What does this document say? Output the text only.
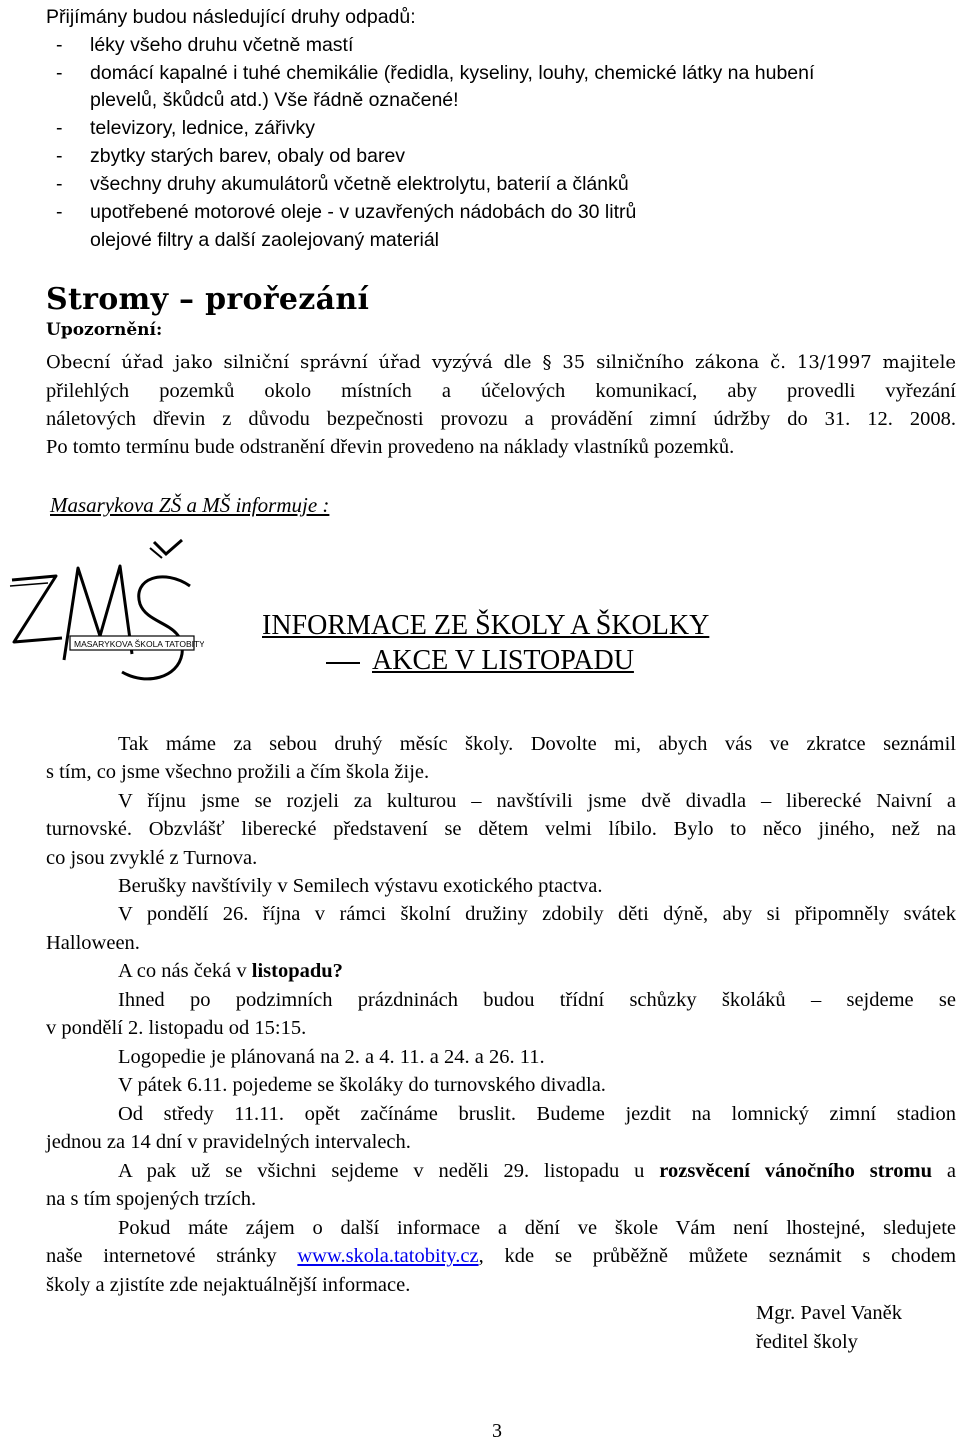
Přijímány budou následující druhy odpadů:
- léky všeho druhu včetně mastí
- domácí kapalné i tuhé chemikálie (ředidla, kyseliny, louhy, chemické látky na hubení
plevelů, škůdců atd.) Vše řádně označené!
- televizory, lednice, zářivky
- zbytky starých barev, obaly od barev
- všechny druhy akumulátorů včetně elektrolytu, baterií a článků
- upotřebené motorové oleje - v uzavřených nádobách do 30 litrů
olejové filtry a další zaolejovaný materiál
Stromy – prořezání
Upozornění:
Obecní úřad jako silniční správní úřad vyzývá dle § 35 silničního zákona č. 13/1997 majitele
přilehlých pozemků okolo místních a účelových komunikací, aby provedli vyřezání
náletových dřevin z důvodu bezpečnosti provozu a provádění zimní údržby do 31. 12. 2008.
Po tomto termínu bude odstranění dřevin provedeno na náklady vlastníků pozemků.
Masarykova ZŠ a MŠ informuje :
MASARYKOVA ŠKOLA TATOBITY
INFORMACE ZE ŠKOLY A ŠKOLKY
AKCE V LISTOPADU
Tak máme za sebou druhý měsíc školy. Dovolte mi, abych vás ve zkratce seznámil
s tím, co jsme všechno prožili a čím škola žije.
V říjnu jsme se rozjeli za kulturou – navštívili jsme dvě divadla – liberecké Naivní a
turnovské. Obzvlášť liberecké představení se dětem velmi líbilo. Bylo to něco jiného, než na
co jsou zvyklé z Turnova.
Berušky navštívily v Semilech výstavu exotického ptactva.
V pondělí 26. října v rámci školní družiny zdobily děti dýně, aby si připomněly svátek
Halloween.
A co nás čeká v listopadu?
Ihned po podzimních prázdninách budou třídní schůzky školáků – sejdeme se
v pondělí 2. listopadu od 15:15.
Logopedie je plánovaná na 2. a 4. 11. a 24. a 26. 11.
V pátek 6.11. pojedeme se školáky do turnovského divadla.
Od středy 11.11. opět začínáme bruslit. Budeme jezdit na lomnický zimní stadion
jednou za 14 dní v pravidelných intervalech.
A pak už se všichni sejdeme v neděli 29. listopadu u rozsvěcení vánočního stromu a
na s tím spojených trzích.
Pokud máte zájem o další informace a dění ve škole Vám není lhostejné, sledujete
naše internetové stránky www.skola.tatobity.cz, kde se průběžně můžete seznámit s chodem
školy a zjistíte zde nejaktuálnější informace.
Mgr. Pavel Vaněk
ředitel školy
3
